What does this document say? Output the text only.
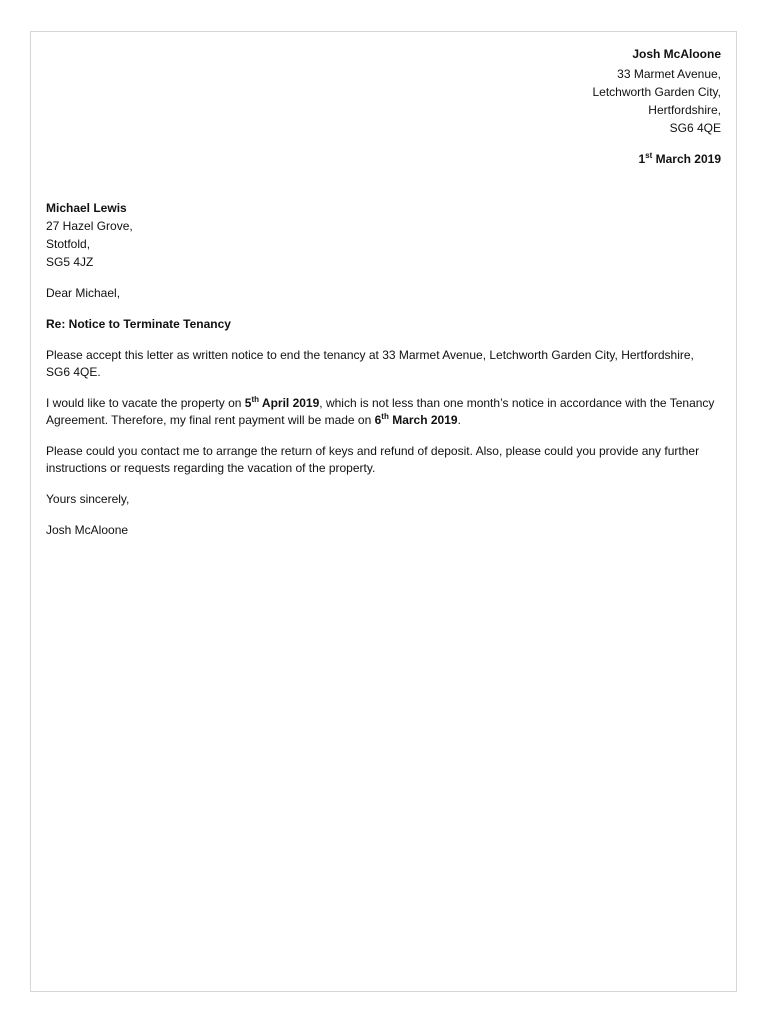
Josh McAloone
33 Marmet Avenue,
Letchworth Garden City,
Hertfordshire,
SG6 4QE
1st March 2019
Michael Lewis
27 Hazel Grove,
Stotfold,
SG5 4JZ

Dear Michael,

Re: Notice to Terminate Tenancy

Please accept this letter as written notice to end the tenancy at 33 Marmet Avenue, Letchworth Garden City, Hertfordshire, SG6 4QE.

I would like to vacate the property on 5th April 2019, which is not less than one month’s notice in accordance with the Tenancy Agreement. Therefore, my final rent payment will be made on 6th March 2019.

Please could you contact me to arrange the return of keys and refund of deposit. Also, please could you provide any further instructions or requests regarding the vacation of the property.

Yours sincerely,

Josh McAloone
